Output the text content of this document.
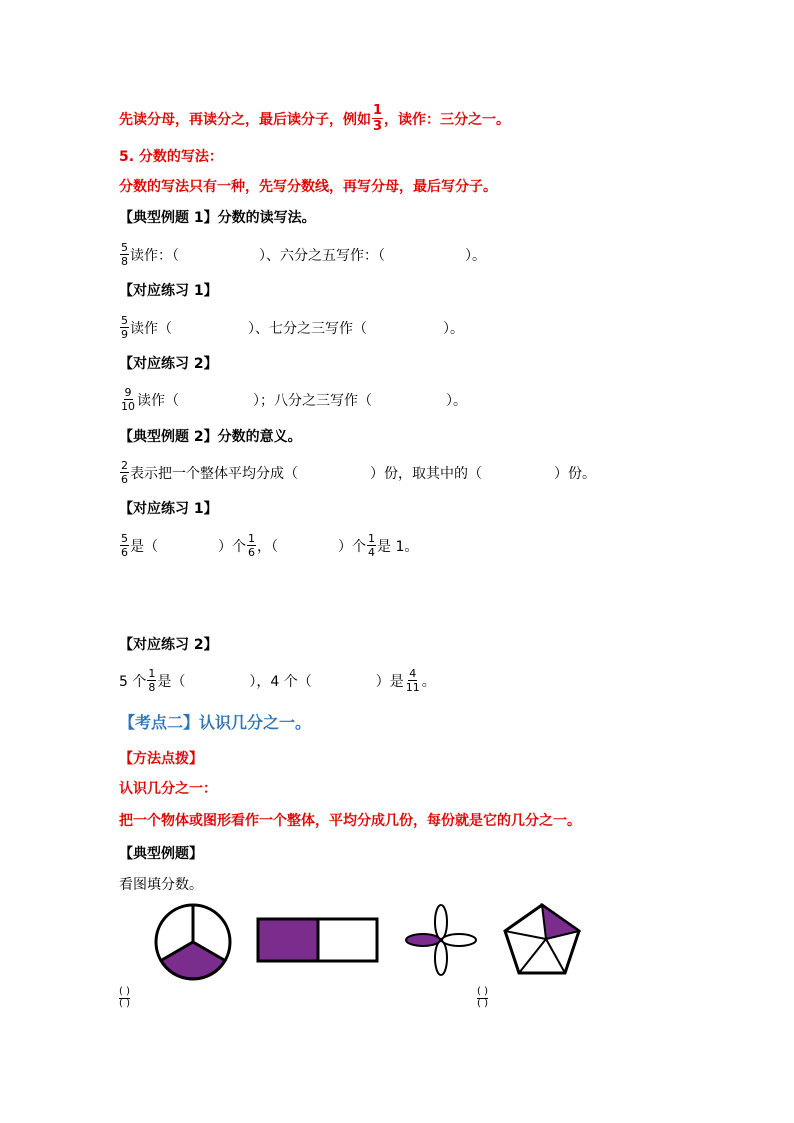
先读分母，再读分之，最后读分子，例如 $\frac{1}{3}$ ，读作：三分之一。
5. 分数的写法：
分数的写法只有一种，先写分数线，再写分母，最后写分子。
【典型例题 1】分数的读写法。
$\frac{5}{8}$ 读作：（	）、六分之五写作：（	）。
【对应练习 1】
$\frac{5}{9}$ 读作（	）、七分之三写作（	）。
【对应练习 2】
$\frac{9}{10}$ 读作（	）；八分之三写作（	）。
【典型例题 2】分数的意义。
$\frac{2}{6}$ 表示把一个整体平均分成（	）份，取其中的（	）份。
【对应练习 1】
$\frac{5}{6}$ 是（	）个 $\frac{1}{6}$ ，（	）个 $\frac{1}{4}$ 是 1。
【对应练习 2】
5 个 $\frac{1}{8}$ 是（	），4 个（	）是 $\frac{4}{11}$ 。
【考点二】认识几分之一。
【方法点拨】
认识几分之一：
把一个物体或图形看作一个整体，平均分成几份，每份就是它的几分之一。
【典型例题】
看图填分数。
( )
( )
( )
( )
